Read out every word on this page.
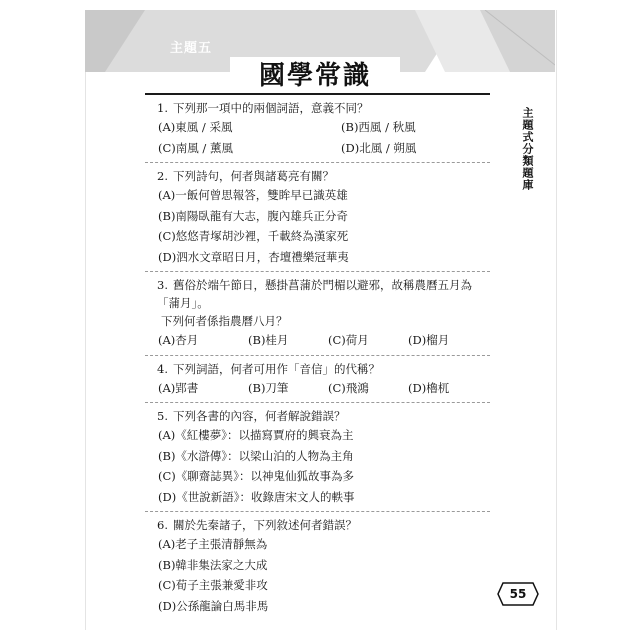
主題五
國學常識
主題式分類題庫
1. 下列那一項中的兩個詞語，意義不同？
(A)東風 / 采風	(B)西風 / 秋風
(C)南風 / 薰風	(D)北風 / 朔風
2. 下列詩句，何者與諸葛亮有關？
(A)一飯何曾思報答，雙眸早已識英雄
(B)南陽臥龍有大志，腹內雄兵正分奇
(C)悠悠青塚胡沙裡，千載終為漢家死
(D)泗水文章昭日月，杏壇禮樂冠華夷
3. 舊俗於端午節日，懸掛菖蒲於門楣以避邪，故稱農曆五月為「蒲月」。
下列何者係指農曆八月？
(A)杏月	(B)桂月	(C)荷月	(D)榴月
4. 下列詞語，何者可用作「音信」的代稱？
(A)郢書	(B)刀筆	(C)飛鴻	(D)櫓杌
5. 下列各書的內容，何者解說錯誤？
(A)《紅樓夢》：以描寫賈府的興衰為主
(B)《水滸傳》：以梁山泊的人物為主角
(C)《聊齋誌異》：以神鬼仙狐故事為多
(D)《世說新語》：收錄唐宋文人的軼事
6. 關於先秦諸子，下列敘述何者錯誤？
(A)老子主張清靜無為
(B)韓非集法家之大成
(C)荀子主張兼愛非攻
(D)公孫龍論白馬非馬
55
